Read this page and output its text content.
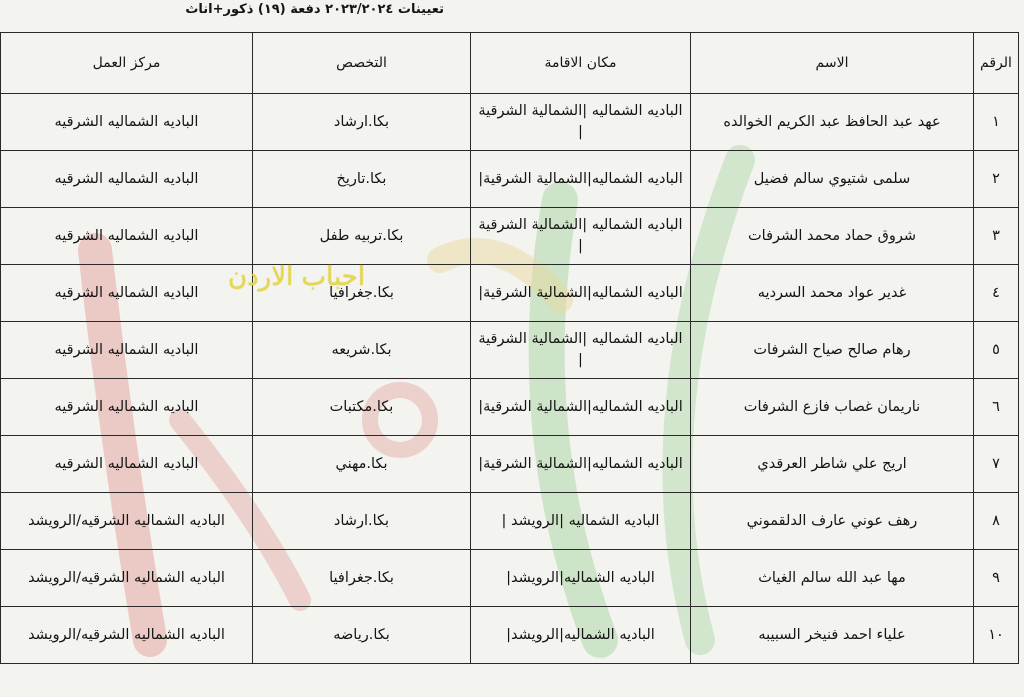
تعيينات ٢٠٢٣/٢٠٢٤ دفعة (١٩) ذكور+اناث
الرقم	الاسم	مكان الاقامة	التخصص	مركز العمل
١	عهد عبد الحافظ عبد الكريم الخوالده	الباديه الشماليه |الشمالية الشرقية |	بكا.ارشاد	الباديه الشماليه الشرقيه
٢	سلمى شتيوي سالم فضيل	الباديه الشماليه|الشمالية الشرقية|	بكا.تاريخ	الباديه الشماليه الشرقيه
٣	شروق حماد محمد الشرفات	الباديه الشماليه |الشمالية الشرقية |	بكا.تربيه طفل	الباديه الشماليه الشرقيه
٤	غدير عواد محمد السرديه	الباديه الشماليه|الشمالية الشرقية|	بكا.جغرافيا	الباديه الشماليه الشرقيه
٥	رهام صالح صياح الشرفات	الباديه الشماليه |الشمالية الشرقية |	بكا.شريعه	الباديه الشماليه الشرقيه
٦	ناريمان غصاب فازع الشرفات	الباديه الشماليه|الشمالية الشرقية|	بكا.مكتبات	الباديه الشماليه الشرقيه
٧	اريج علي شاطر العرقدي	الباديه الشماليه|الشمالية الشرقية|	بكا.مهني	الباديه الشماليه الشرقيه
٨	رهف عوني عارف الدلقموني	الباديه الشماليه |الرويشد |	بكا.ارشاد	الباديه الشماليه الشرقيه/الرويشد
٩	مها عبد الله سالم الغياث	الباديه الشماليه|الرويشد|	بكا.جغرافيا	الباديه الشماليه الشرقيه/الرويشد
١٠	علياء احمد فنيخر السبيبه	الباديه الشماليه|الرويشد|	بكا.رياضه	الباديه الشماليه الشرقيه/الرويشد
احباب الاردن
